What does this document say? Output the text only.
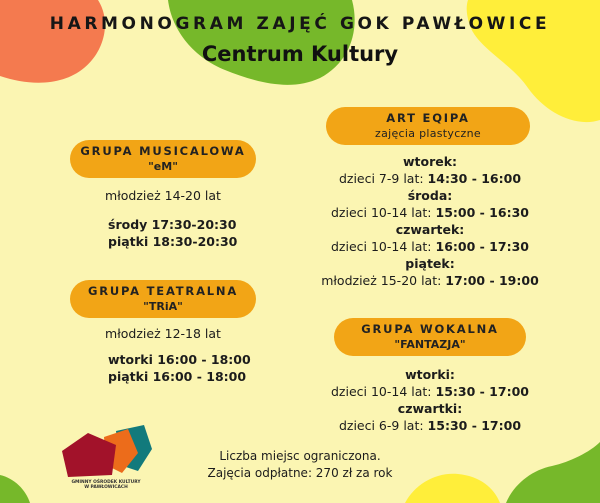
HARMONOGRAM ZAJĘĆ GOK PAWŁOWICE
Centrum Kultury
GRUPA MUSICALOWA
"eM"
młodzież 14-20 lat
środy 17:30-20:30
piątki 18:30-20:30
GRUPA TEATRALNA
"TRiA"
młodzież 12-18 lat
wtorki 16:00 - 18:00
piątki 16:00 - 18:00
ART EQIPA
zajęcia plastyczne
wtorek:
dzieci 7-9 lat: 14:30 - 16:00
środa:
dzieci 10-14 lat: 15:00 - 16:30
czwartek:
dzieci 10-14 lat: 16:00 - 17:30
piątek:
młodzież 15-20 lat: 17:00 - 19:00
GRUPA WOKALNA
"FANTAZJA"
wtorki:
dzieci 10-14 lat: 15:30 - 17:00
czwartki:
dzieci 6-9 lat: 15:30 - 17:00
GMINNY OŚRODEK KULTURY
W PAWŁOWICACH
Liczba miejsc ograniczona.
Zajęcia odpłatne: 270 zł za rok
